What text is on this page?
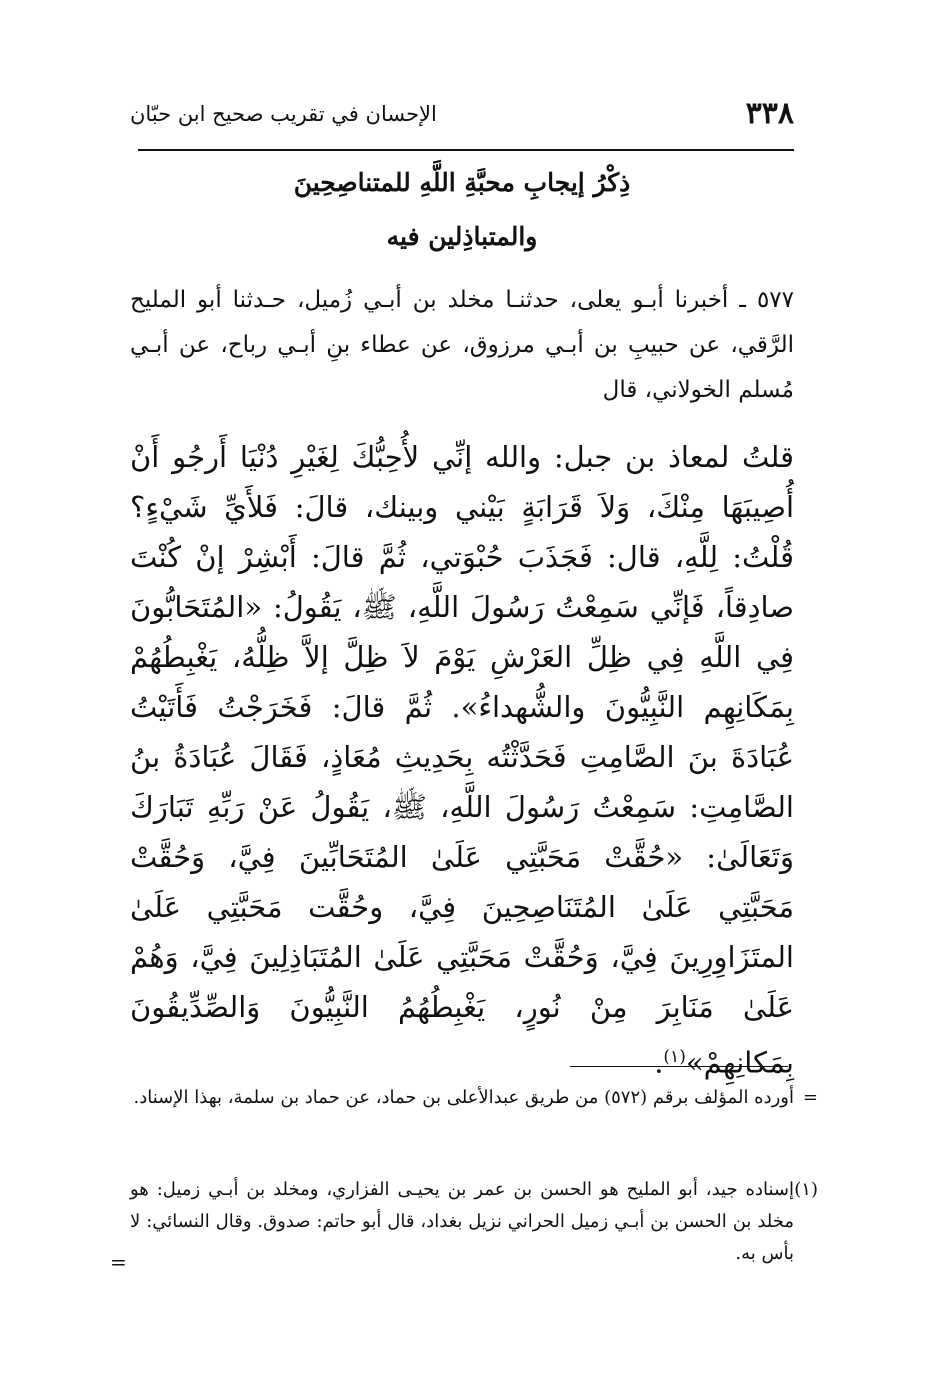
٣٣٨
الإحسان في تقريب صحيح ابن حبّان
ذِكْرُ إيجابِ محبَّةِ اللَّهِ للمتناصِحِينَ
والمتباذِلين فيه
٥٧٧ ـ أخبرنا أبـو يعلى، حدثنـا مخلد بن أبـي زُميل، حـدثنا أبو المليح الرَّقي، عن حبيبِ بن أبـي مرزوق، عن عطاء بنِ أبـي رباح، عن أبـي مُسلم الخولاني، قال
قلتُ لمعاذ بن جبل: والله إنِّي لأُحِبُّكَ لِغَيْرِ دُنْيَا أَرجُو أَنْ أُصِيبَهَا مِنْكَ، وَلاَ قَرَابَةٍ بَيْني وبينك، قالَ: فَلأَيِّ شَيْءٍ؟ قُلْتُ: لِلَّهِ، قال: فَجَذَبَ حُبْوَتي، ثُمَّ قالَ: أَبْشِرْ إنْ كُنْتَ صادِقاً، فَإنِّي سَمِعْتُ رَسُولَ اللَّهِ، ﷺ، يَقُولُ: «المُتَحَابُّونَ فِي اللَّهِ فِي ظِلِّ العَرْشِ يَوْمَ لاَ ظِلَّ إلاَّ ظِلُّهُ، يَغْبِطُهُمْ بِمَكَانِهِم النَّبِيُّونَ والشُّهداءُ». ثُمَّ قالَ: فَخَرَجْتُ فَأَتَيْتُ عُبَادَةَ بنَ الصَّامِتِ فَحَدَّثْتُه بِحَدِيثِ مُعَاذٍ، فَقَالَ عُبَادَةُ بنُ الصَّامِتِ: سَمِعْتُ رَسُولَ اللَّهِ، ﷺ، يَقُولُ عَنْ رَبِّهِ تَبَارَكَ وَتَعَالَىٰ: «حُقَّتْ مَحَبَّتِي عَلَىٰ المُتَحَابِّينَ فِيَّ، وَحُقَّتْ مَحَبَّتِي عَلَىٰ المُتَنَاصِحِينَ فِيَّ، وحُقَّت مَحَبَّتِي عَلَىٰ المتَزَاوِرِينَ فِيَّ، وَحُقَّتْ مَحَبَّتِي عَلَىٰ المُتَبَاذِلِينَ فِيَّ، وَهُمْ عَلَىٰ مَنَابِرَ مِنْ نُورٍ، يَغْبِطُهُمُ النَّبِيُّونَ وَالصِّدِّيقُونَ بِمَكانِهِمْ»$^{(١)}$.
=
أورده المؤلف برقم (٥٧٢) من طريق عبدالأعلى بن حماد، عن حماد بن سلمة، بهذا الإسناد.
(١)
إسناده جيد، أبو المليح هو الحسن بن عمر بن يحيـى الفزاري، ومخلد بن أبـي زميل: هو مخلد بن الحسن بن أبـي زميل الحراني نزيل بغداد، قال أبو حاتم: صدوق. وقال النسائي: لا بأس به.
=
